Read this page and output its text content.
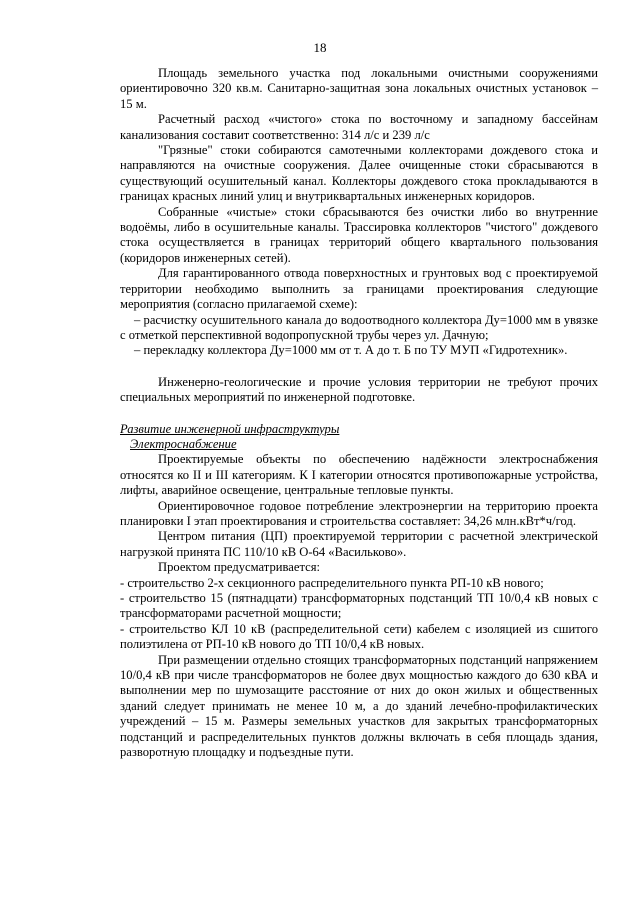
18

Площадь земельного участка под локальными очистными сооружениями ориентировочно 320 кв.м. Санитарно-защитная зона локальных очистных установок – 15 м.

Расчетный расход «чистого» стока по восточному и западному бассейнам канализования составит соответственно: 314 л/с и 239 л/с

"Грязные" стоки собираются самотечными коллекторами дождевого стока и направляются на очистные сооружения. Далее очищенные стоки сбрасываются в существующий осушительный канал. Коллекторы дождевого стока прокладываются в границах красных линий улиц и внутриквартальных инженерных коридоров.

Собранные «чистые» стоки сбрасываются без очистки либо во внутренние водоёмы, либо в осушительные каналы. Трассировка коллекторов "чистого" дождевого стока осуществляется в границах территорий общего квартального пользования (коридоров инженерных сетей).

Для гарантированного отвода поверхностных и грунтовых вод с проектируемой территории необходимо выполнить за границами проектирования следующие мероприятия (согласно прилагаемой схеме):

– расчистку осушительного канала до водоотводного коллектора Ду=1000 мм в увязке с отметкой перспективной водопропускной трубы через ул. Дачную;

– перекладку коллектора Ду=1000 мм от т. А до т. Б по ТУ МУП «Гидротехник».

Инженерно-геологические и прочие условия территории не требуют прочих специальных мероприятий по инженерной подготовке.

Развитие инженерной инфраструктуры

Электроснабжение

Проектируемые объекты по обеспечению надёжности электроснабжения относятся ко II и III категориям. К I категории относятся противопожарные устройства, лифты, аварийное освещение, центральные тепловые пункты.

Ориентировочное годовое потребление электроэнергии на территорию проекта планировки I этап проектирования и строительства составляет: 34,26 млн.кВт*ч/год.

Центром питания (ЦП) проектируемой территории с расчетной электрической нагрузкой принята ПС 110/10 кВ О-64 «Васильково».

Проектом предусматривается:

- строительство 2-х секционного распределительного пункта РП-10 кВ нового;

- строительство 15 (пятнадцати) трансформаторных подстанций ТП 10/0,4 кВ новых с трансформаторами расчетной мощности;

- строительство КЛ 10 кВ (распределительной сети) кабелем с изоляцией из сшитого полиэтилена от РП-10 кВ нового до ТП 10/0,4 кВ новых.

При размещении отдельно стоящих трансформаторных подстанций напряжением 10/0,4 кВ при числе трансформаторов не более двух мощностью каждого до 630 кВА и выполнении мер по шумозащите расстояние от них до окон жилых и общественных зданий следует принимать не менее 10 м, а до зданий лечебно-профилактических учреждений – 15 м. Размеры земельных участков для закрытых трансформаторных подстанций и распределительных пунктов должны включать в себя площадь здания, разворотную площадку и подъездные пути.
